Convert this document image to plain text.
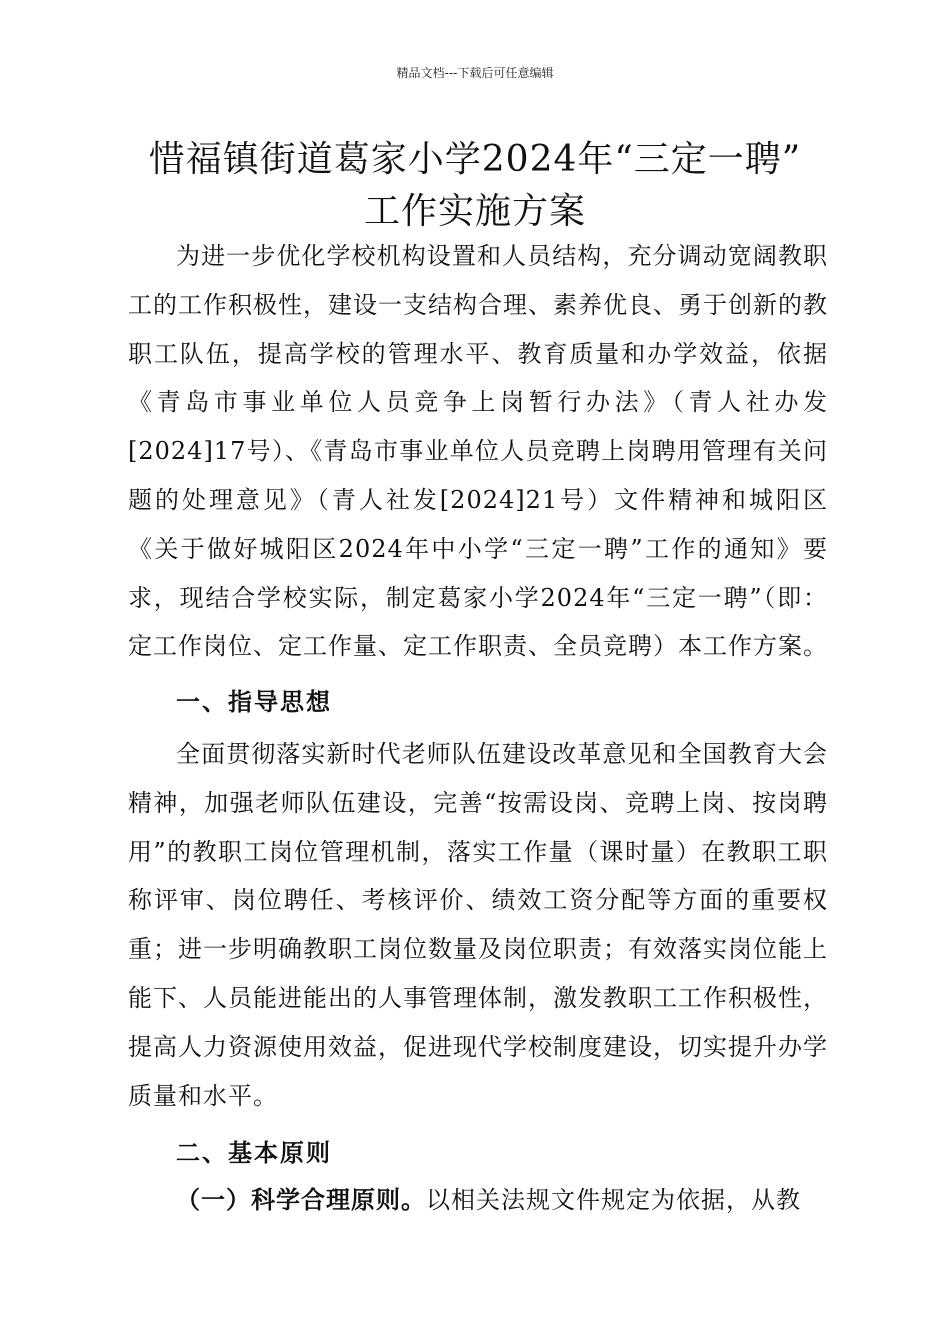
精品文档---下载后可任意编辑
惜福镇街道葛家小学2024年“三定一聘”
工作实施方案

为进一步优化学校机构设置和人员结构，充分调动宽阔教职工的工作积极性，建设一支结构合理、素养优良、勇于创新的教职工队伍，提高学校的管理水平、教育质量和办学效益，依据《青岛市事业单位人员竞争上岗暂行办法》（青人社办发[2024]17号）、《青岛市事业单位人员竞聘上岗聘用管理有关问题的处理意见》（青人社发[2024]21号）文件精神和城阳区《关于做好城阳区2024年中小学“三定一聘”工作的通知》要求，现结合学校实际，制定葛家小学2024年“三定一聘”（即：定工作岗位、定工作量、定工作职责、全员竞聘）本工作方案。

一、指导思想

全面贯彻落实新时代老师队伍建设改革意见和全国教育大会精神，加强老师队伍建设，完善“按需设岗、竞聘上岗、按岗聘用”的教职工岗位管理机制，落实工作量（课时量）在教职工职称评审、岗位聘任、考核评价、绩效工资分配等方面的重要权重；进一步明确教职工岗位数量及岗位职责；有效落实岗位能上能下、人员能进能出的人事管理体制，激发教职工工作积极性，提高人力资源使用效益，促进现代学校制度建设，切实提升办学质量和水平。

二、基本原则

（一）科学合理原则。以相关法规文件规定为依据，从教
